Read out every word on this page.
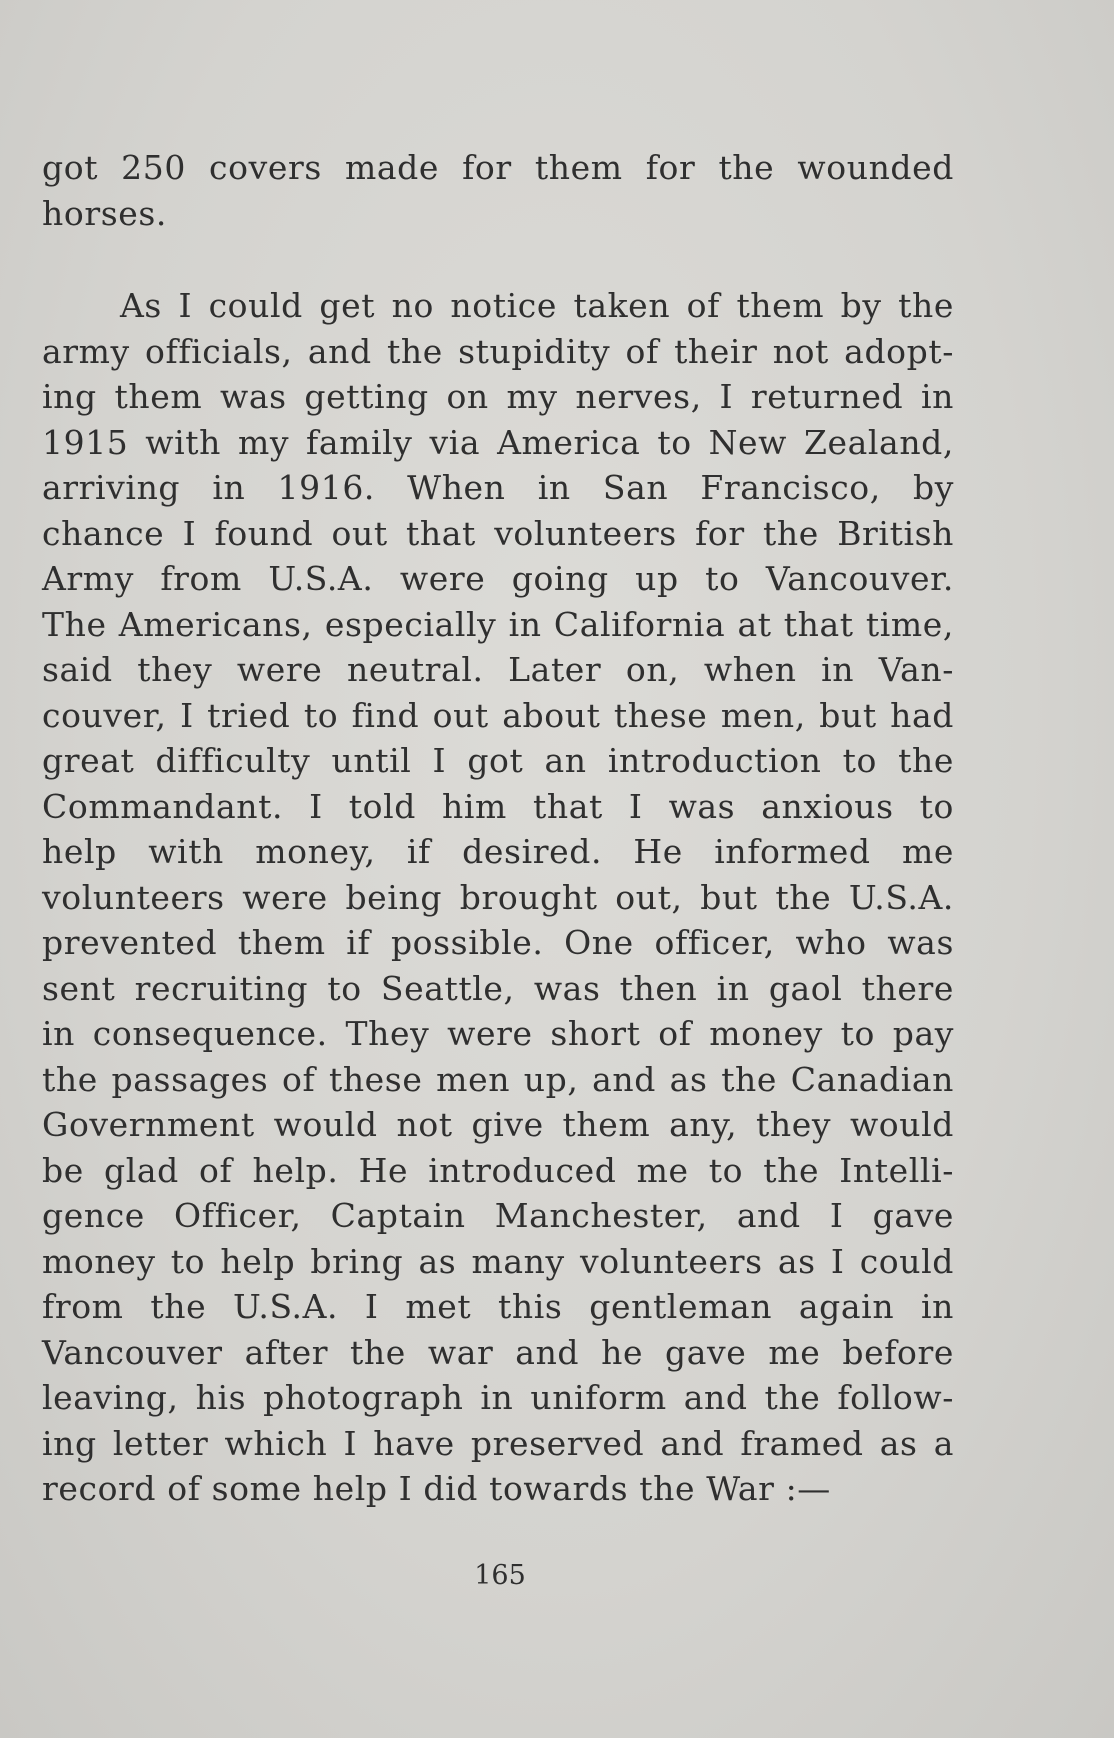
got 250 covers made for them for the wounded
horses.
As I could get no notice taken of them by the
army officials, and the stupidity of their not adopt-
ing them was getting on my nerves, I returned in
1915 with my family via America to New Zealand,
arriving in 1916. When in San Francisco, by
chance I found out that volunteers for the British
Army from U.S.A. were going up to Vancouver.
The Americans, especially in California at that time,
said they were neutral. Later on, when in Van-
couver, I tried to find out about these men, but had
great difficulty until I got an introduction to the
Commandant. I told him that I was anxious to
help with money, if desired. He informed me
volunteers were being brought out, but the U.S.A.
prevented them if possible. One officer, who was
sent recruiting to Seattle, was then in gaol there
in consequence. They were short of money to pay
the passages of these men up, and as the Canadian
Government would not give them any, they would
be glad of help. He introduced me to the Intelli-
gence Officer, Captain Manchester, and I gave
money to help bring as many volunteers as I could
from the U.S.A. I met this gentleman again in
Vancouver after the war and he gave me before
leaving, his photograph in uniform and the follow-
ing letter which I have preserved and framed as a
record of some help I did towards the War :—
165
